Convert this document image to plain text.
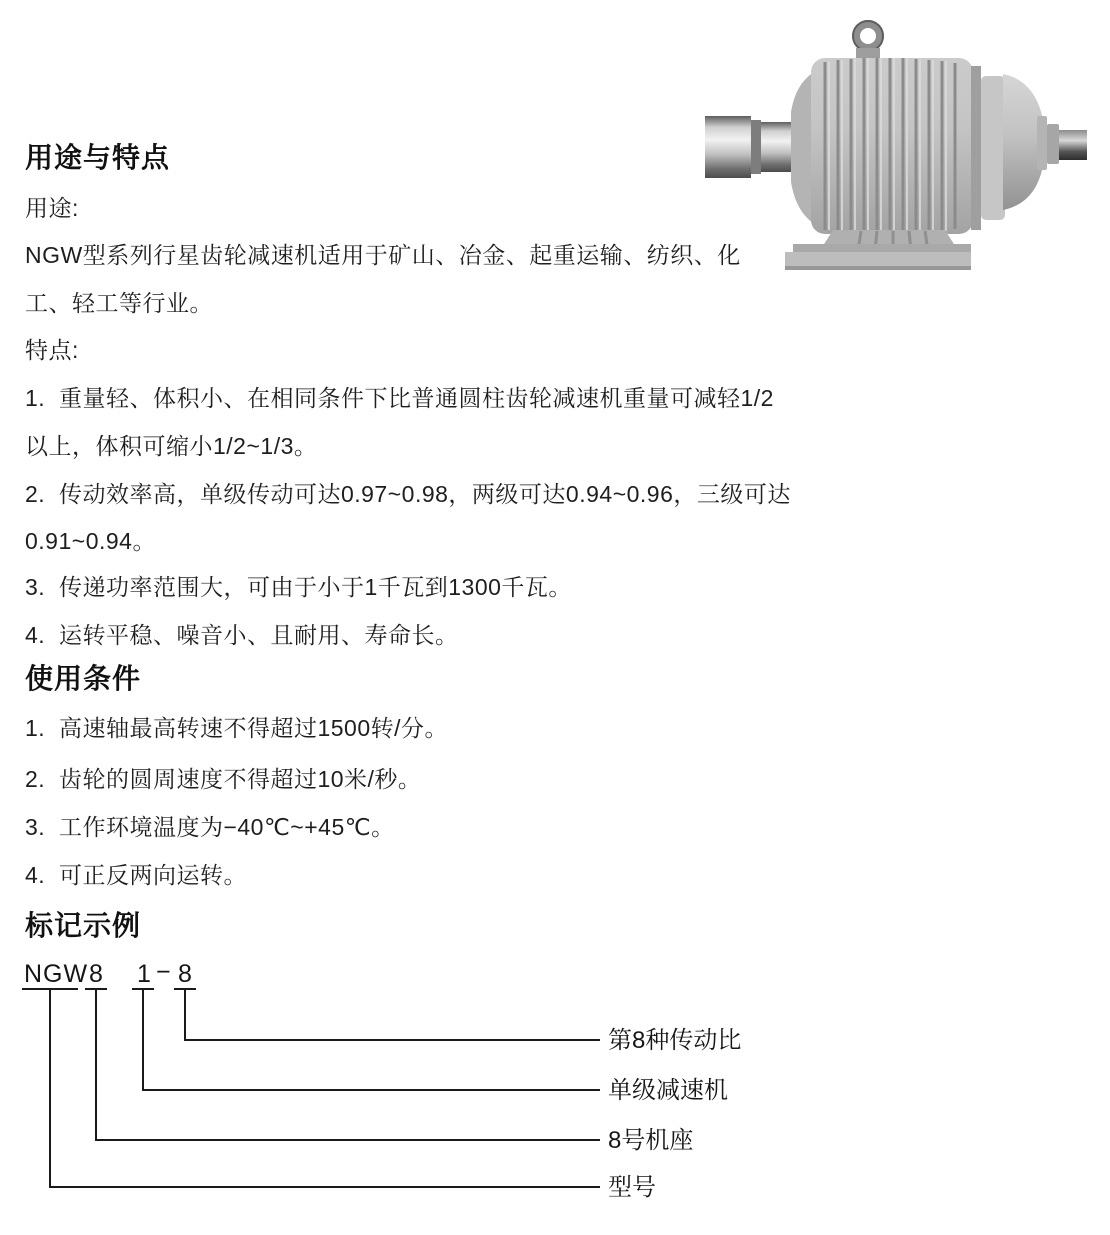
用途与特点
用途:
NGW型系列行星齿轮减速机适用于矿山、冶金、起重运输、纺织、化
工、轻工等行业。
特点:
1.  重量轻、体积小、在相同条件下比普通圆柱齿轮减速机重量可减轻1/2
以上，体积可缩小1/2~1/3。
2.  传动效率高，单级传动可达0.97~0.98，两级可达0.94~0.96，三级可达
0.91~0.94。
3.  传递功率范围大，可由于小于1千瓦到1300千瓦。
4.  运转平稳、噪音小、且耐用、寿命长。
使用条件
1.  高速轴最高转速不得超过1500转/分。
2.  齿轮的圆周速度不得超过10米/秒。
3.  工作环境温度为−40℃~+45℃。
4.  可正反两向运转。
标记示例
NGW 8 1 − 8
第8种传动比
单级减速机
8号机座
型号
